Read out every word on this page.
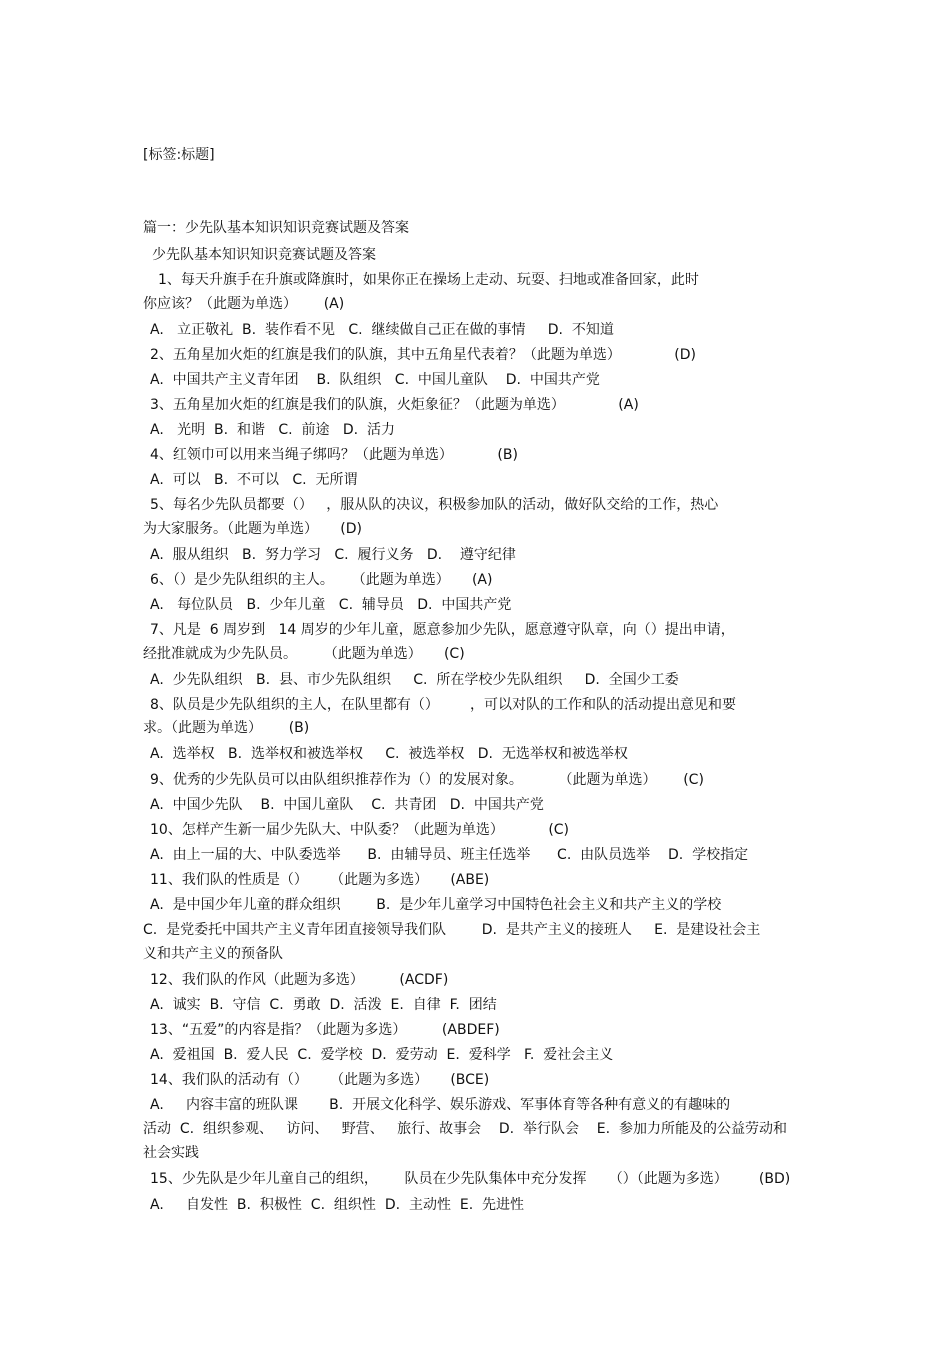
[标签:标题]
篇一：少先队基本知识知识竞赛试题及答案
少先队基本知识知识竞赛试题及答案
1、每天升旗手在升旗或降旗时，如果你正在操场上走动、玩耍、扫地或准备回家，此时
你应该？（此题为单选）      (A)
A.   立正敬礼  B.  装作看不见   C.  继续做自己正在做的事情     D.  不知道
2、五角星加火炬的红旗是我们的队旗，其中五角星代表着？（此题为单选）            (D)
A.  中国共产主义青年团    B.  队组织   C.  中国儿童队    D.  中国共产党
3、五角星加火炬的红旗是我们的队旗，火炬象征？（此题为单选）            (A)
A.   光明  B.  和谐   C.  前途   D.  活力
4、红领巾可以用来当绳子绑吗？（此题为单选）          (B)
A.  可以   B.  不可以   C.  无所谓
5、每名少先队员都要（）   ，服从队的决议，积极参加队的活动，做好队交给的工作，热心
为大家服务。（此题为单选）     (D)
A.  服从组织   B.  努力学习   C.  履行义务   D.    遵守纪律
6、（）是少先队组织的主人。    （此题为单选）     (A)
A.   每位队员   B.  少年儿童   C.  辅导员   D.  中国共产党
7、凡是  6 周岁到   14 周岁的少年儿童，愿意参加少先队，愿意遵守队章，向（）提出申请，
经批准就成为少先队员。      （此题为单选）     (C)
A.  少先队组织   B.  县、市少先队组织     C.  所在学校少先队组织     D.  全国少工委
8、队员是少先队组织的主人，在队里都有（）       ，可以对队的工作和队的活动提出意见和要
求。（此题为单选）      (B)
A.  选举权   B.  选举权和被选举权     C.  被选举权   D.  无选举权和被选举权
9、优秀的少先队员可以由队组织推荐作为（）的发展对象。        （此题为单选）      (C)
A.  中国少先队    B.  中国儿童队    C.  共青团   D.  中国共产党
10、怎样产生新一届少先队大、中队委？（此题为单选）          (C)
A.  由上一届的大、中队委选举      B.  由辅导员、班主任选举      C.  由队员选举    D.  学校指定
11、我们队的性质是（）     （此题为多选）     (ABE)
A.  是中国少年儿童的群众组织        B.  是少年儿童学习中国特色社会主义和共产主义的学校
C.  是党委托中国共产主义青年团直接领导我们队        D.  是共产主义的接班人     E.  是建设社会主
义和共产主义的预备队
12、我们队的作风（此题为多选）        (ACDF)
A.  诚实  B.  守信  C.  勇敢  D.  活泼  E.  自律  F.  团结
13、“五爱”的内容是指？（此题为多选）        (ABDEF)
A.  爱祖国  B.  爱人民  C.  爱学校  D.  爱劳动  E.  爱科学   F.  爱社会主义
14、我们队的活动有（）     （此题为多选）     (BCE)
A.     内容丰富的班队课       B.  开展文化科学、娱乐游戏、军事体育等各种有意义的有趣味的
活动  C.  组织参观、   访问、   野营、   旅行、故事会    D.  举行队会    E.  参加力所能及的公益劳动和
社会实践
15、少先队是少年儿童自己的组织，      队员在少先队集体中充分发挥     （）（此题为多选）       (BD)
A.     自发性  B.  积极性  C.  组织性  D.  主动性  E.  先进性
